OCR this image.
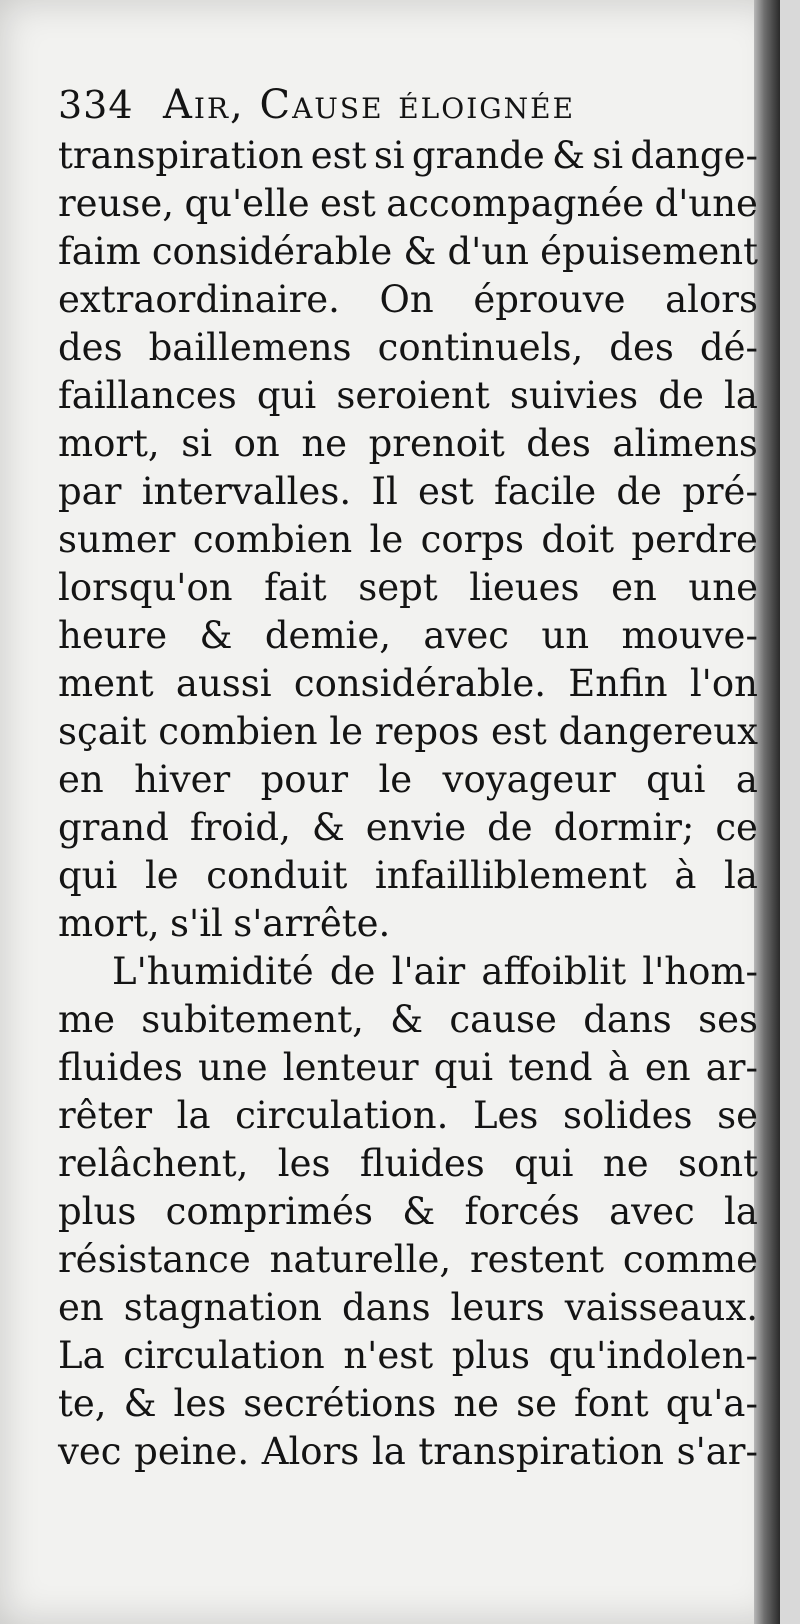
334 Air, Cause éloignée
transpiration est si grande & si dange-
reuse, qu'elle est accompagnée d'une
faim considérable & d'un épuisement
extraordinaire. On éprouve alors
des baillemens continuels, des dé-
faillances qui seroient suivies de la
mort, si on ne prenoit des alimens
par intervalles. Il est facile de pré-
sumer combien le corps doit perdre
lorsqu'on fait sept lieues en une
heure & demie, avec un mouve-
ment aussi considérable. Enfin l'on
sçait combien le repos est dangereux
en hiver pour le voyageur qui a
grand froid, & envie de dormir; ce
qui le conduit infailliblement à la
mort, s'il s'arrête.
L'humidité de l'air affoiblit l'hom-
me subitement, & cause dans ses
fluides une lenteur qui tend à en ar-
rêter la circulation. Les solides se
relâchent, les fluides qui ne sont
plus comprimés & forcés avec la
résistance naturelle, restent comme
en stagnation dans leurs vaisseaux.
La circulation n'est plus qu'indolen-
te, & les secrétions ne se font qu'a-
vec peine. Alors la transpiration s'ar-
